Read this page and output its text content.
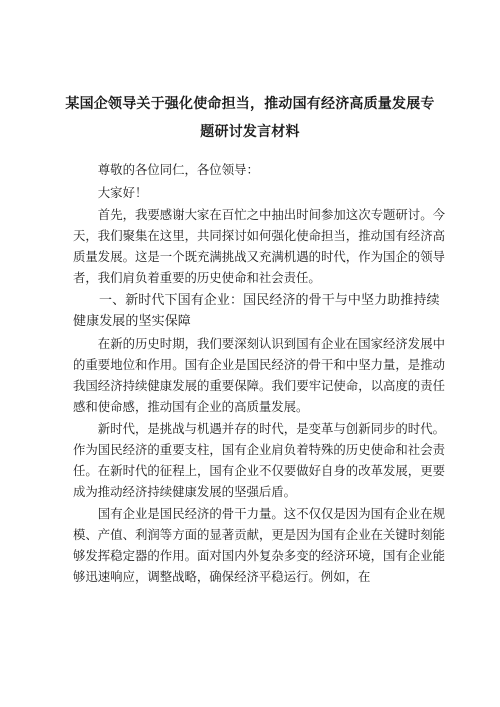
某国企领导关于强化使命担当，推动国有经济高质量发展专
题研讨发言材料

尊敬的各位同仁，各位领导：

大家好！

首先，我要感谢大家在百忙之中抽出时间参加这次专题研讨。今天，我们聚集在这里，共同探讨如何强化使命担当，推动国有经济高质量发展。这是一个既充满挑战又充满机遇的时代，作为国企的领导者，我们肩负着重要的历史使命和社会责任。

一、新时代下国有企业：国民经济的骨干与中坚力助推持续健康发展的坚实保障

在新的历史时期，我们要深刻认识到国有企业在国家经济发展中的重要地位和作用。国有企业是国民经济的骨干和中坚力量，是推动我国经济持续健康发展的重要保障。我们要牢记使命，以高度的责任感和使命感，推动国有企业的高质量发展。

新时代，是挑战与机遇并存的时代，是变革与创新同步的时代。作为国民经济的重要支柱，国有企业肩负着特殊的历史使命和社会责任。在新时代的征程上，国有企业不仅要做好自身的改革发展，更要成为推动经济持续健康发展的坚强后盾。

国有企业是国民经济的骨干力量。这不仅仅是因为国有企业在规模、产值、利润等方面的显著贡献，更是因为国有企业在关键时刻能够发挥稳定器的作用。面对国内外复杂多变的经济环境，国有企业能够迅速响应，调整战略，确保经济平稳运行。例如，在
